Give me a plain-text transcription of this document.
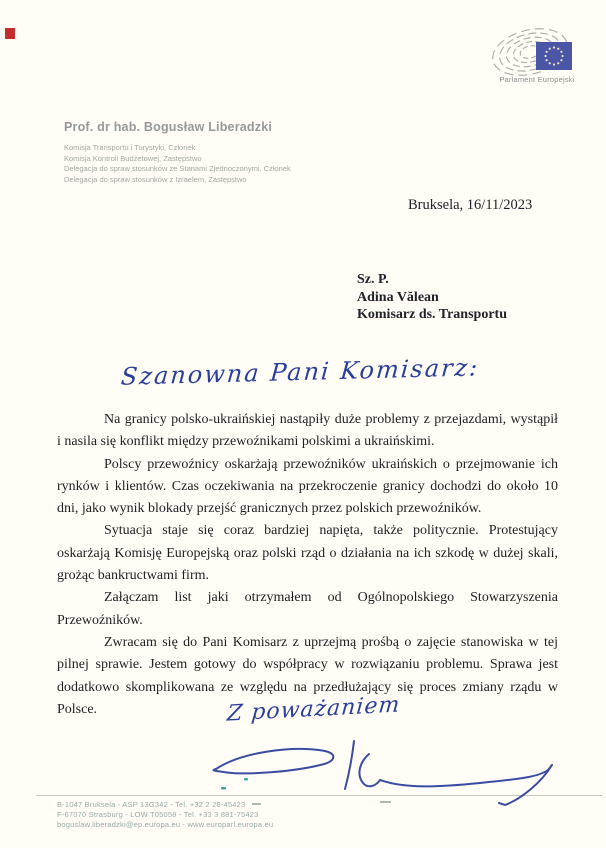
Parlament Europejski
Prof. dr hab. Bogusław Liberadzki
Komisja Transportu i Turystyki, Członek
Komisja Kontroli Budżetowej, Zastępstwo
Delegacja do spraw stosunków ze Stanami Zjednoczonymi, Członek
Delegacja do spraw stosunków z Izraelem, Zastępstwo
Bruksela, 16/11/2023
Sz. P.
Adina Vălean
Komisarz ds. Transportu
Szanowna Pani Komisarz:

Na granicy polsko-ukraińskiej nastąpiły duże problemy z przejazdami, wystąpił i nasila się konflikt między przewoźnikami polskimi a ukraińskimi.

Polscy przewoźnicy oskarżają przewoźników ukraińskich o przejmowanie ich rynków i klientów. Czas oczekiwania na przekroczenie granicy dochodzi do około 10 dni, jako wynik blokady przejść granicznych przez polskich przewoźników.

Sytuacja staje się coraz bardziej napięta, także politycznie. Protestujący oskarżają Komisję Europejską oraz polski rząd o działania na ich szkodę w dużej skali, grożąc bankructwami firm.

Załączam list jaki otrzymałem od Ogólnopolskiego Stowarzyszenia Przewoźników.

Zwracam się do Pani Komisarz z uprzejmą prośbą o zajęcie stanowiska w tej pilnej sprawie. Jestem gotowy do współpracy w rozwiązaniu problemu. Sprawa jest dodatkowo skomplikowana ze względu na przedłużający się proces zmiany rządu w Polsce.	Z poważaniem
B-1047 Bruksela - ASP 13G342 - Tel. +32 2 28-45423
F-67070 Strasburg - LOW T05058 - Tel. +33 3 881-75423
boguslaw.liberadzki@ep.europa.eu - www.europarl.europa.eu
